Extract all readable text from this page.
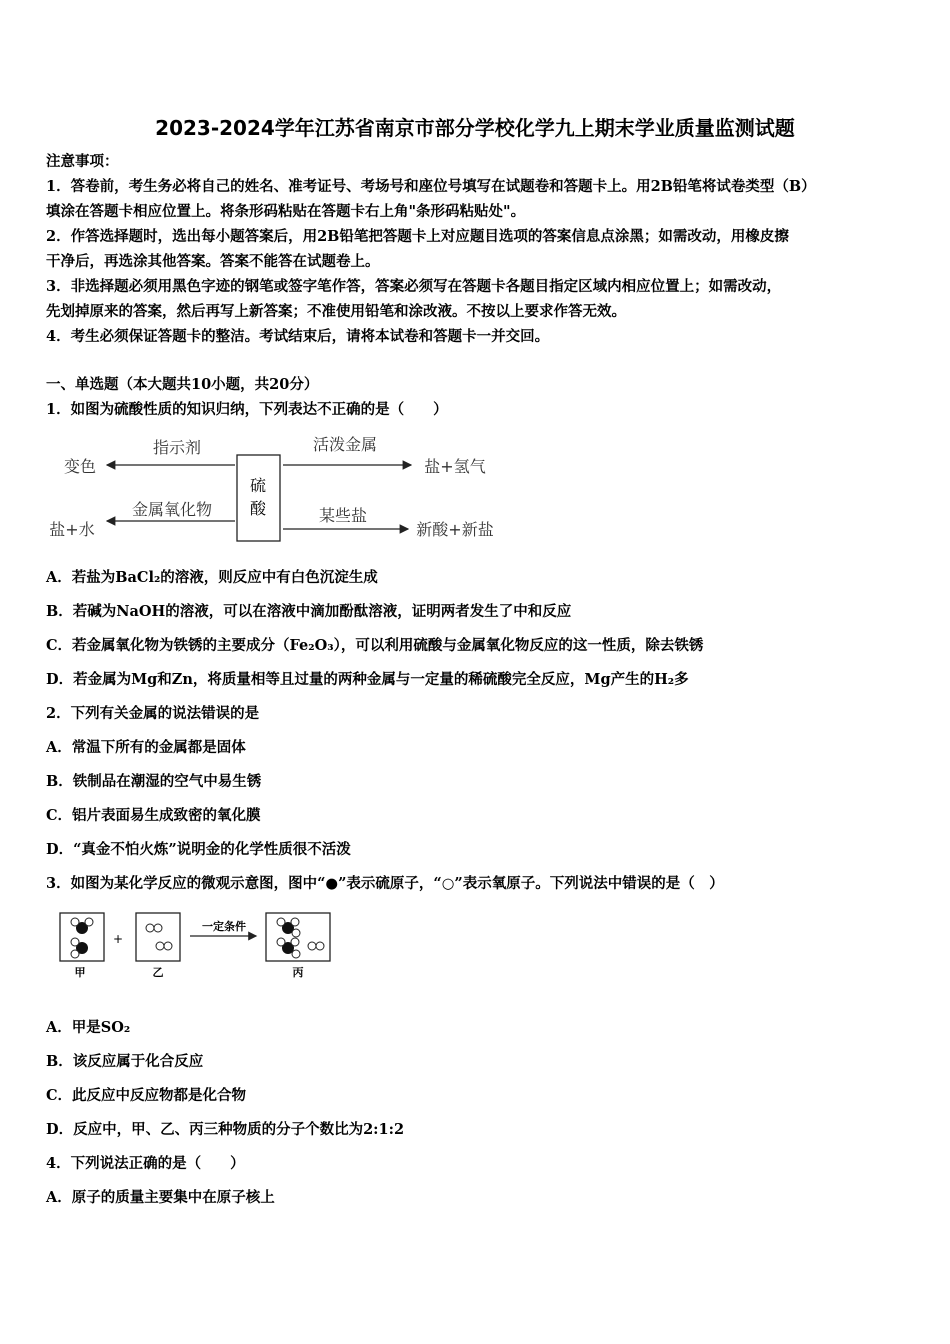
2023-2024学年江苏省南京市部分学校化学九上期末学业质量监测试题
注意事项：
1．答卷前，考生务必将自己的姓名、准考证号、考场号和座位号填写在试题卷和答题卡上。用2B铅笔将试卷类型（B）
填涂在答题卡相应位置上。将条形码粘贴在答题卡右上角"条形码粘贴处"。
2．作答选择题时，选出每小题答案后，用2B铅笔把答题卡上对应题目选项的答案信息点涂黑；如需改动，用橡皮擦
干净后，再选涂其他答案。答案不能答在试题卷上。
3．非选择题必须用黑色字迹的钢笔或签字笔作答，答案必须写在答题卡各题目指定区域内相应位置上；如需改动，
先划掉原来的答案，然后再写上新答案；不准使用铅笔和涂改液。不按以上要求作答无效。
4．考生必须保证答题卡的整洁。考试结束后，请将本试卷和答题卡一并交回。
一、单选题（本大题共10小题，共20分）
1．如图为硫酸性质的知识归纳，下列表达不正确的是（　　）
硫
酸
指示剂
变色
活泼金属
盐+氢气
金属氧化物
盐+水
某些盐
新酸+新盐
A．若盐为BaCl₂的溶液，则反应中有白色沉淀生成
B．若碱为NaOH的溶液，可以在溶液中滴加酚酞溶液，证明两者发生了中和反应
C．若金属氧化物为铁锈的主要成分（Fe₂O₃），可以利用硫酸与金属氧化物反应的这一性质，除去铁锈
D．若金属为Mg和Zn，将质量相等且过量的两种金属与一定量的稀硫酸完全反应，Mg产生的H₂多
2．下列有关金属的说法错误的是
A．常温下所有的金属都是固体
B．铁制品在潮湿的空气中易生锈
C．铝片表面易生成致密的氧化膜
D．“真金不怕火炼”说明金的化学性质很不活泼
3．如图为某化学反应的微观示意图，图中“●”表示硫原子，“○”表示氧原子。下列说法中错误的是（　）
+
一定条件
甲	乙	丙
A．甲是SO₂
B．该反应属于化合反应
C．此反应中反应物都是化合物
D．反应中，甲、乙、丙三种物质的分子个数比为2:1:2
4．下列说法正确的是（　　）
A．原子的质量主要集中在原子核上
